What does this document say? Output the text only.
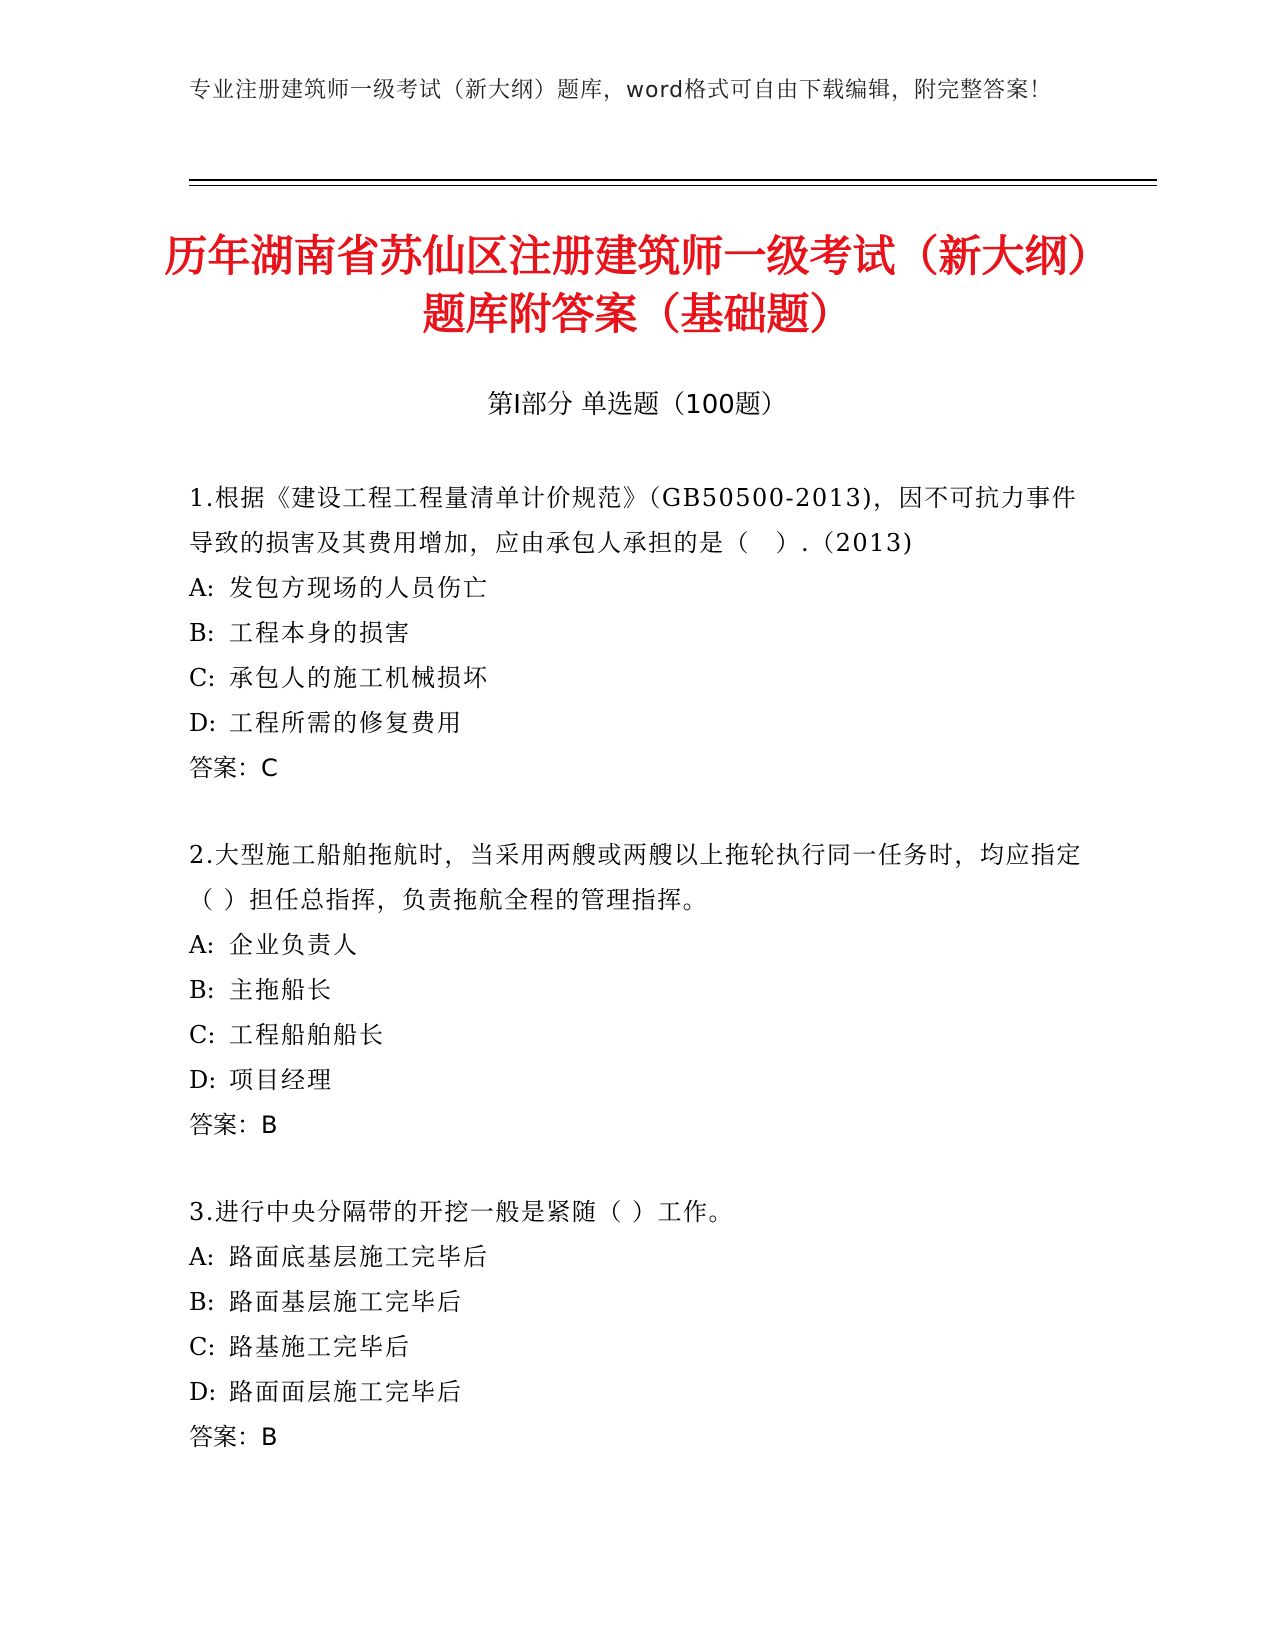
专业注册建筑师一级考试（新大纲）题库，word格式可自由下载编辑，附完整答案！
历年湖南省苏仙区注册建筑师一级考试（新大纲）题库附答案（基础题）
第Ⅰ部分 单选题（100题）
1.根据《建设工程工程量清单计价规范》（GB50500-2013)，因不可抗力事件导致的损害及其费用增加，应由承包人承担的是（　）.（2013)
A: 发包方现场的人员伤亡
B: 工程本身的损害
C: 承包人的施工机械损坏
D: 工程所需的修复费用
答案：C
2.大型施工船舶拖航时，当采用两艘或两艘以上拖轮执行同一任务时，均应指定（ ）担任总指挥，负责拖航全程的管理指挥。
A: 企业负责人
B: 主拖船长
C: 工程船舶船长
D: 项目经理
答案：B
3.进行中央分隔带的开挖一般是紧随（ ）工作。
A: 路面底基层施工完毕后
B: 路面基层施工完毕后
C: 路基施工完毕后
D: 路面面层施工完毕后
答案：B
